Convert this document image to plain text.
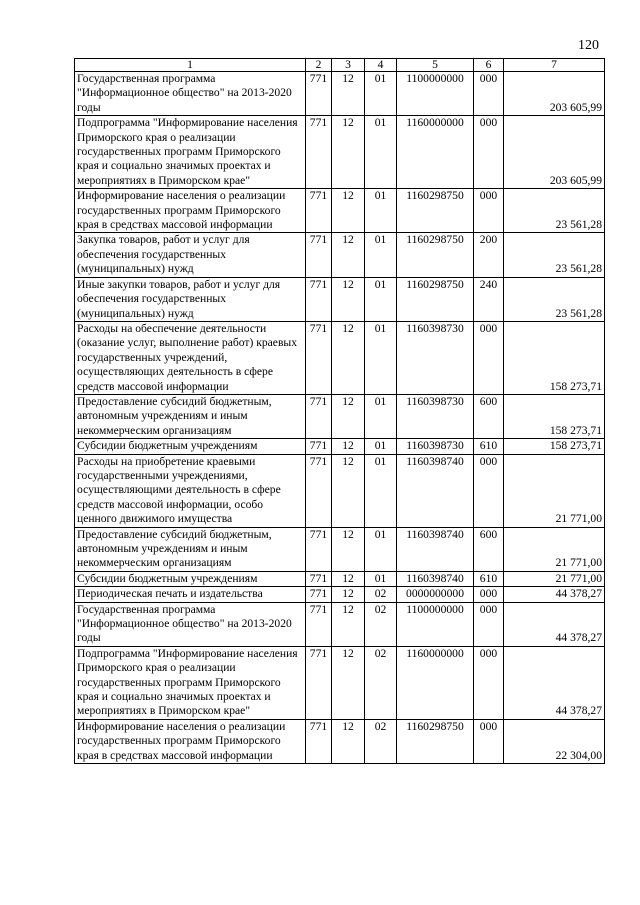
120
1	2	3	4	5	6	7
Государственная программа "Информационное общество" на 2013-2020 годы	771	12	01	1100000000	000	203 605,99
Подпрограмма "Информирование населения Приморского края о реализации государственных программ Приморского края и социально значимых проектах и мероприятиях в Приморском крае"	771	12	01	1160000000	000	203 605,99
Информирование населения о реализации государственных программ Приморского края в средствах массовой информации	771	12	01	1160298750	000	23 561,28
Закупка товаров, работ и услуг для обеспечения государственных (муниципальных) нужд	771	12	01	1160298750	200	23 561,28
Иные закупки товаров, работ и услуг для обеспечения государственных (муниципальных) нужд	771	12	01	1160298750	240	23 561,28
Расходы на обеспечение деятельности (оказание услуг, выполнение работ) краевых государственных учреждений, осуществляющих деятельность в сфере средств массовой информации	771	12	01	1160398730	000	158 273,71
Предоставление субсидий бюджетным, автономным учреждениям и иным некоммерческим организациям	771	12	01	1160398730	600	158 273,71
Субсидии бюджетным учреждениям	771	12	01	1160398730	610	158 273,71
Расходы на приобретение краевыми государственными учреждениями, осуществляющими деятельность в сфере средств массовой информации, особо ценного движимого имущества	771	12	01	1160398740	000	21 771,00
Предоставление субсидий бюджетным, автономным учреждениям и иным некоммерческим организациям	771	12	01	1160398740	600	21 771,00
Субсидии бюджетным учреждениям	771	12	01	1160398740	610	21 771,00
Периодическая печать и издательства	771	12	02	0000000000	000	44 378,27
Государственная программа "Информационное общество" на 2013-2020 годы	771	12	02	1100000000	000	44 378,27
Подпрограмма "Информирование населения Приморского края о реализации государственных программ Приморского края и социально значимых проектах и мероприятиях в Приморском крае"	771	12	02	1160000000	000	44 378,27
Информирование населения о реализации государственных программ Приморского края в средствах массовой информации	771	12	02	1160298750	000	22 304,00
